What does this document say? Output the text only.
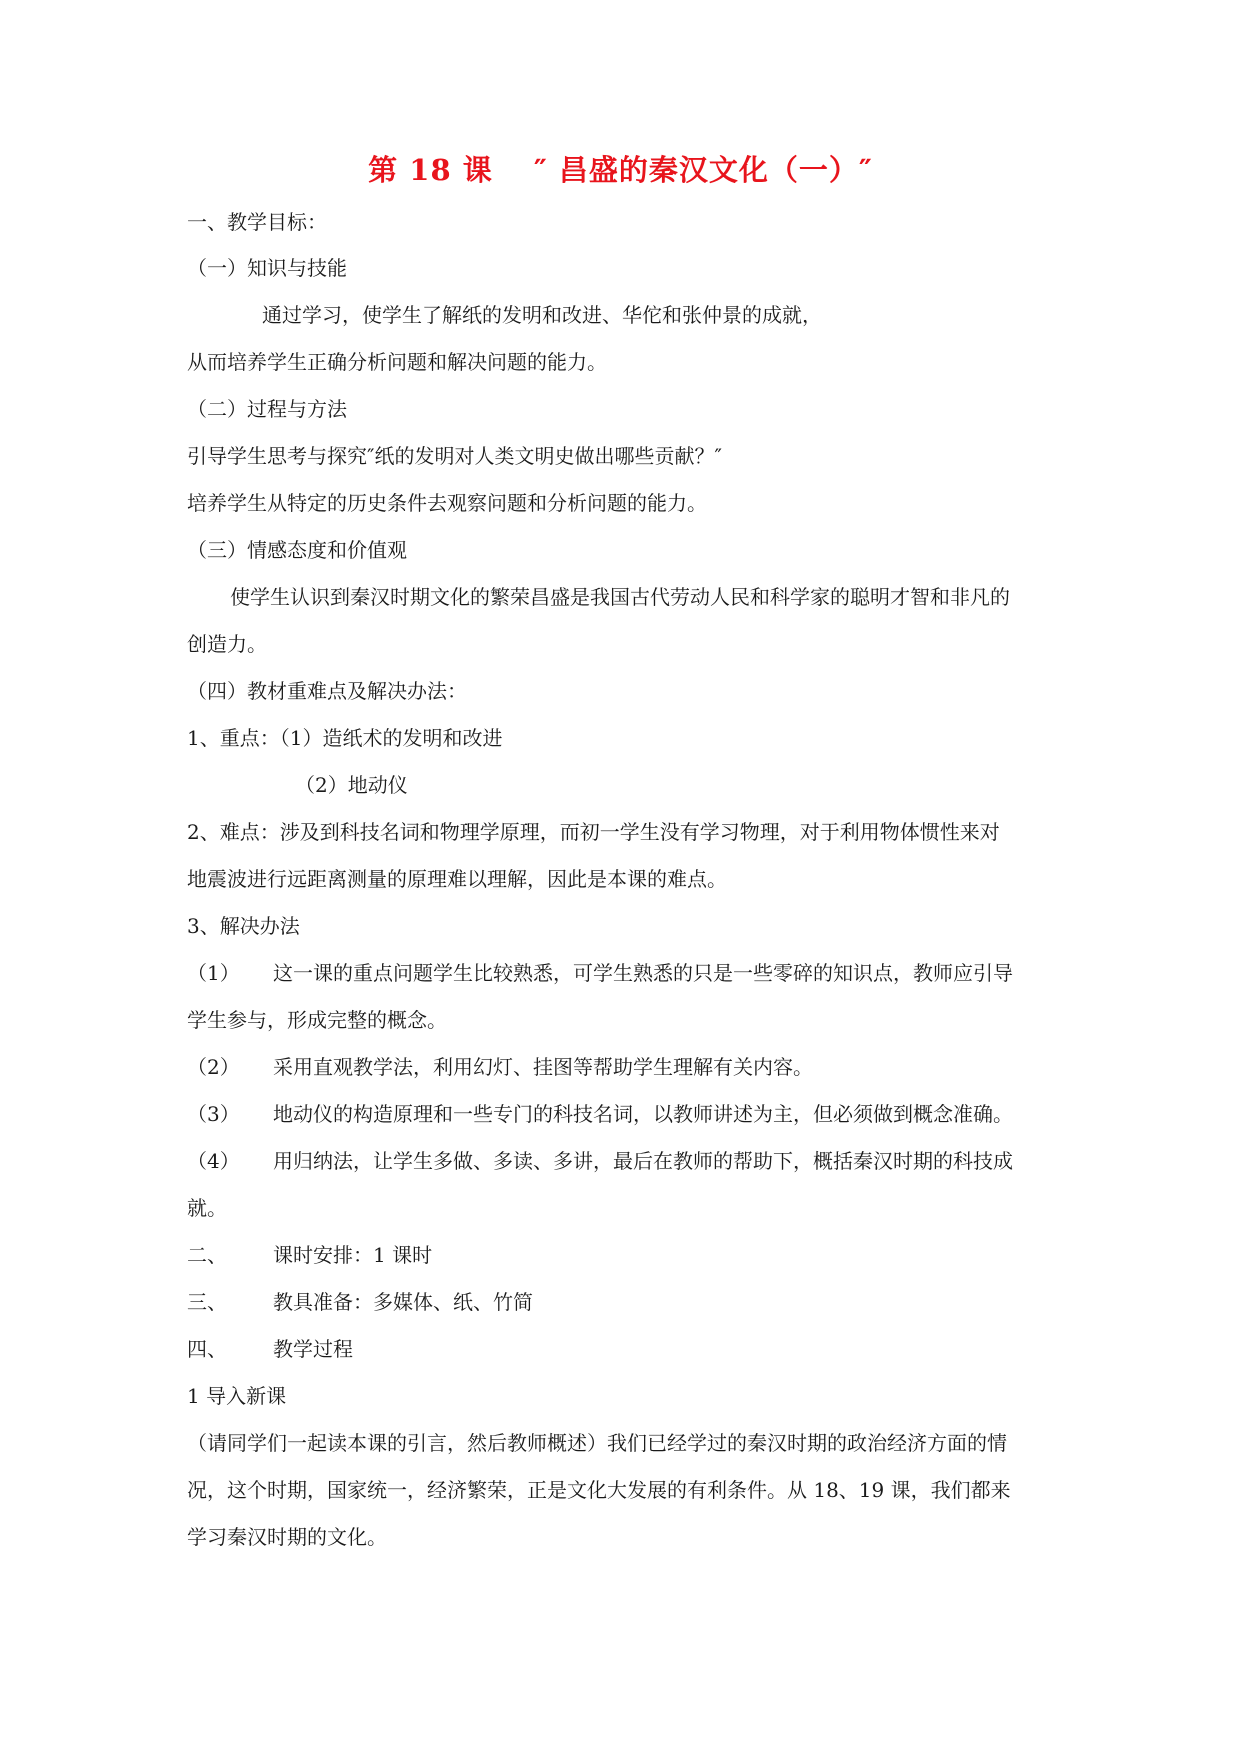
第 18 课　 ″ 昌盛的秦汉文化（一）″
一、教学目标：
（一）知识与技能
通过学习，使学生了解纸的发明和改进、华佗和张仲景的成就，
从而培养学生正确分析问题和解决问题的能力。
（二）过程与方法
引导学生思考与探究″纸的发明对人类文明史做出哪些贡献？″
培养学生从特定的历史条件去观察问题和分析问题的能力。
（三）情感态度和价值观
使学生认识到秦汉时期文化的繁荣昌盛是我国古代劳动人民和科学家的聪明才智和非凡的
创造力。
（四）教材重难点及解决办法：
1、重点：（1）造纸术的发明和改进
（2）地动仪
2、难点：涉及到科技名词和物理学原理，而初一学生没有学习物理，对于利用物体惯性来对
地震波进行远距离测量的原理难以理解，因此是本课的难点。
3、解决办法
（1） 这一课的重点问题学生比较熟悉，可学生熟悉的只是一些零碎的知识点，教师应引导
学生参与，形成完整的概念。
（2） 采用直观教学法，利用幻灯、挂图等帮助学生理解有关内容。
（3） 地动仪的构造原理和一些专门的科技名词，以教师讲述为主，但必须做到概念准确。
（4） 用归纳法，让学生多做、多读、多讲，最后在教师的帮助下，概括秦汉时期的科技成
就。
二、 课时安排：1 课时
三、 教具准备：多媒体、纸、竹简
四、 教学过程
1 导入新课
（请同学们一起读本课的引言，然后教师概述）我们已经学过的秦汉时期的政治经济方面的情
况，这个时期，国家统一，经济繁荣，正是文化大发展的有利条件。从 18、19 课，我们都来
学习秦汉时期的文化。
